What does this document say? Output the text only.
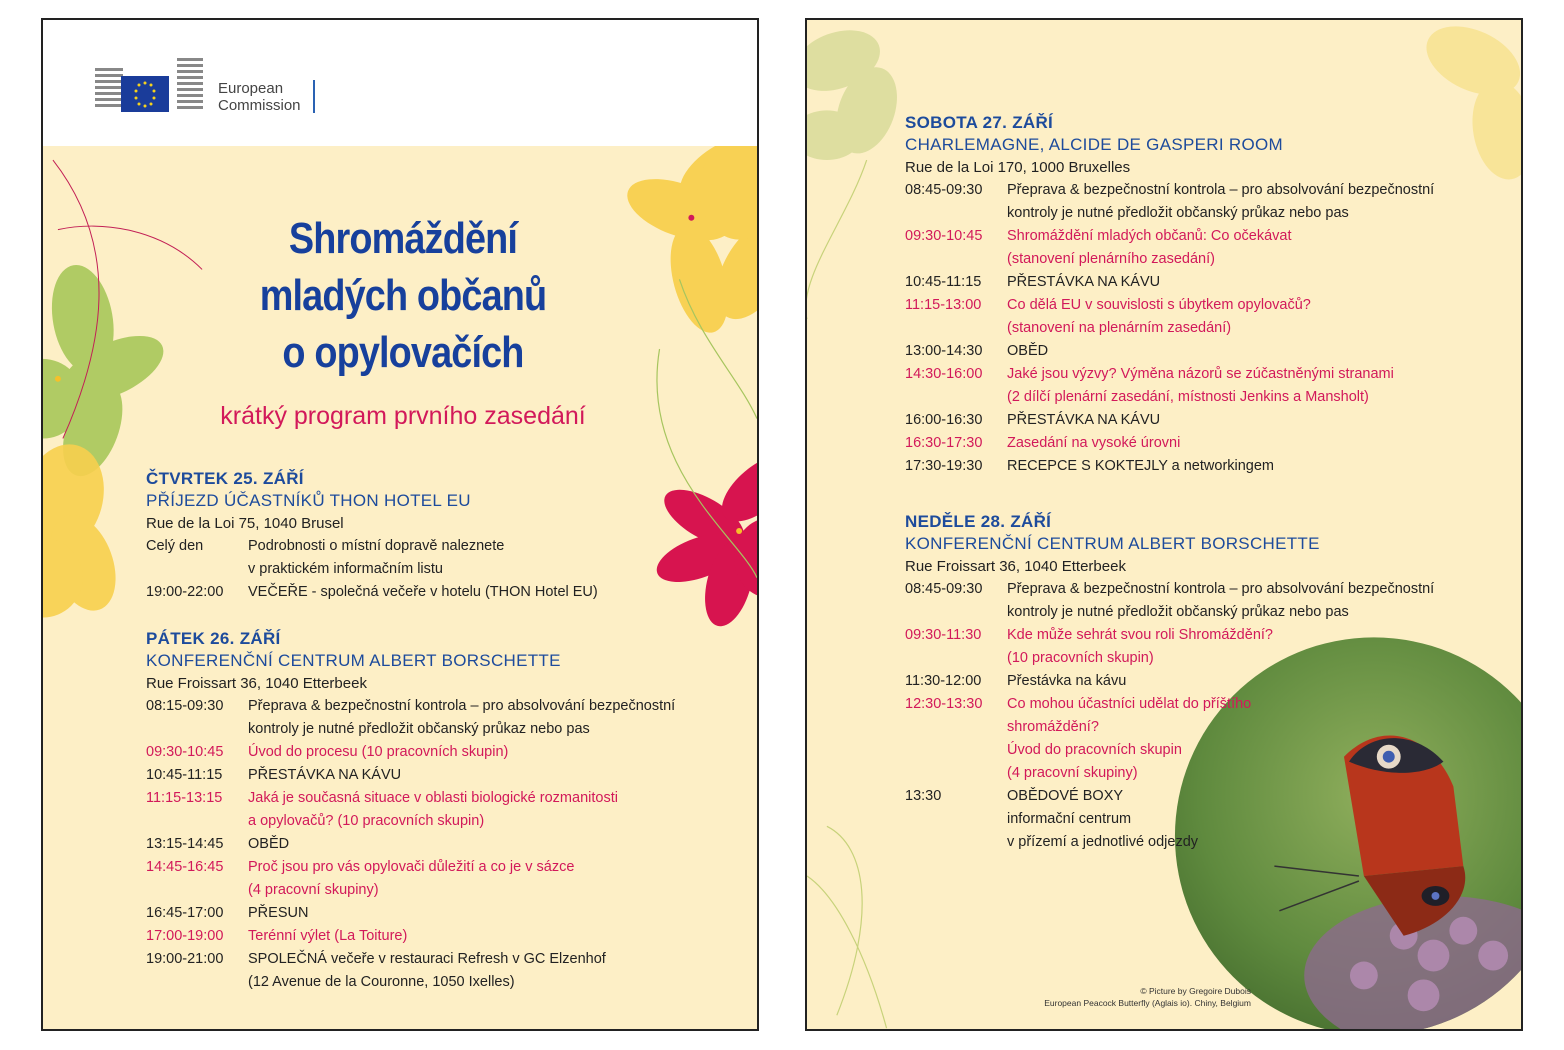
European
Commission
Shromáždění
mladých občanů
o opylovačích
krátký program prvního zasedání
ČTVRTEK 25. ZÁŘÍ
PŘÍJEZD ÚČASTNÍKŮ THON HOTEL EU
Rue de la Loi 75, 1040 Brusel
Celý den	Podrobnosti o místní dopravě naleznete
v praktickém informačním listu
19:00-22:00	VEČEŘE - společná večeře v hotelu (THON Hotel EU)
PÁTEK 26. ZÁŘÍ
KONFERENČNÍ CENTRUM ALBERT BORSCHETTE
Rue Froissart 36, 1040 Etterbeek
08:15-09:30	Přeprava & bezpečnostní kontrola – pro absolvování bezpečnostní
kontroly je nutné předložit občanský průkaz nebo pas
09:30-10:45	Úvod do procesu (10 pracovních skupin)
10:45-11:15	PŘESTÁVKA NA KÁVU
11:15-13:15	Jaká je současná situace v oblasti biologické rozmanitosti
a opylovačů? (10 pracovních skupin)
13:15-14:45	OBĚD
14:45-16:45	Proč jsou pro vás opylovači důležití a co je v sázce
(4 pracovní skupiny)
16:45-17:00	PŘESUN
17:00-19:00	Terénní výlet (La Toiture)
19:00-21:00	SPOLEČNÁ večeře v restauraci Refresh v GC Elzenhof
(12 Avenue de la Couronne, 1050 Ixelles)
SOBOTA 27. ZÁŘÍ
CHARLEMAGNE, ALCIDE DE GASPERI ROOM
Rue de la Loi 170, 1000 Bruxelles
08:45-09:30	Přeprava & bezpečnostní kontrola – pro absolvování bezpečnostní
kontroly je nutné předložit občanský průkaz nebo pas
09:30-10:45	Shromáždění mladých občanů: Co očekávat
(stanovení plenárního zasedání)
10:45-11:15	PŘESTÁVKA NA KÁVU
11:15-13:00	Co dělá EU v souvislosti s úbytkem opylovačů?
(stanovení na plenárním zasedání)
13:00-14:30	OBĚD
14:30-16:00	Jaké jsou výzvy? Výměna názorů se zúčastněnými stranami
(2 dílčí plenární zasedání, místnosti Jenkins a Mansholt)
16:00-16:30	PŘESTÁVKA NA KÁVU
16:30-17:30	Zasedání na vysoké úrovni
17:30-19:30	RECEPCE S KOKTEJLY a networkingem
NEDĚLE 28. ZÁŘÍ
KONFERENČNÍ CENTRUM ALBERT BORSCHETTE
Rue Froissart 36, 1040 Etterbeek
08:45-09:30	Přeprava & bezpečnostní kontrola – pro absolvování bezpečnostní
kontroly je nutné předložit občanský průkaz nebo pas
09:30-11:30	Kde může sehrát svou roli Shromáždění?
(10 pracovních skupin)
11:30-12:00	Přestávka na kávu
12:30-13:30	Co mohou účastníci udělat do příštího
shromáždění?
Úvod do pracovních skupin
(4 pracovní skupiny)
13:30	OBĚDOVÉ BOXY
informační centrum
v přízemí a jednotlivé odjezdy
© Picture by Gregoire Dubois
European Peacock Butterfly (Aglais io). Chiny, Belgium
